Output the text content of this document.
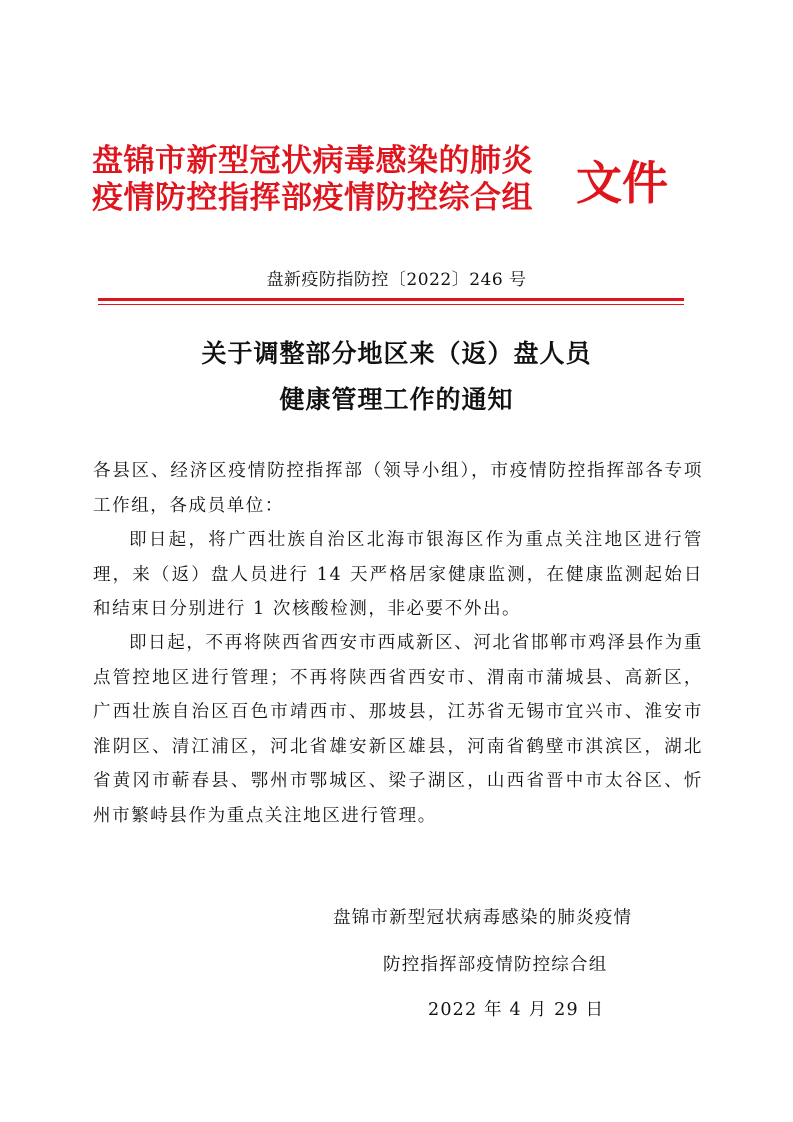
盘锦市新型冠状病毒感染的肺炎
疫情防控指挥部疫情防控综合组 文件
盘新疫防指防控〔2022〕246 号
关于调整部分地区来（返）盘人员
健康管理工作的通知
各县区、经济区疫情防控指挥部（领导小组），市疫情防控指挥部各专项工作组，各成员单位：
即日起，将广西壮族自治区北海市银海区作为重点关注地区进行管理，来（返）盘人员进行 14 天严格居家健康监测，在健康监测起始日和结束日分别进行 1 次核酸检测，非必要不外出。
即日起，不再将陕西省西安市西咸新区、河北省邯郸市鸡泽县作为重点管控地区进行管理；不再将陕西省西安市、渭南市蒲城县、高新区，广西壮族自治区百色市靖西市、那坡县，江苏省无锡市宜兴市、淮安市淮阴区、清江浦区，河北省雄安新区雄县，河南省鹤壁市淇滨区，湖北省黄冈市蕲春县、鄂州市鄂城区、梁子湖区，山西省晋中市太谷区、忻州市繁峙县作为重点关注地区进行管理。
盘锦市新型冠状病毒感染的肺炎疫情
防控指挥部疫情防控综合组
2022 年 4 月 29 日
